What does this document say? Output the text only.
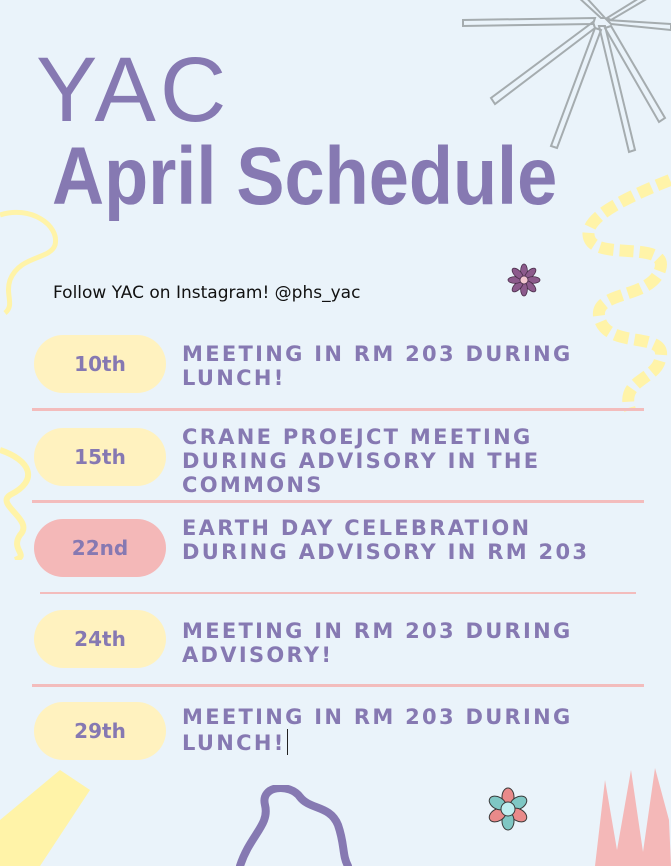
YAC
April Schedule
Follow YAC on Instagram! @phs_yac
10th	MEETING IN RM 203 DURING LUNCH!
15th
CRANE PROEJCT MEETING DURING ADVISORY IN THE COMMONS
22nd
EARTH DAY CELEBRATION DURING ADVISORY IN RM 203
24th	MEETING IN RM 203 DURING ADVISORY!
29th
MEETING IN RM 203 DURING LUNCH!
